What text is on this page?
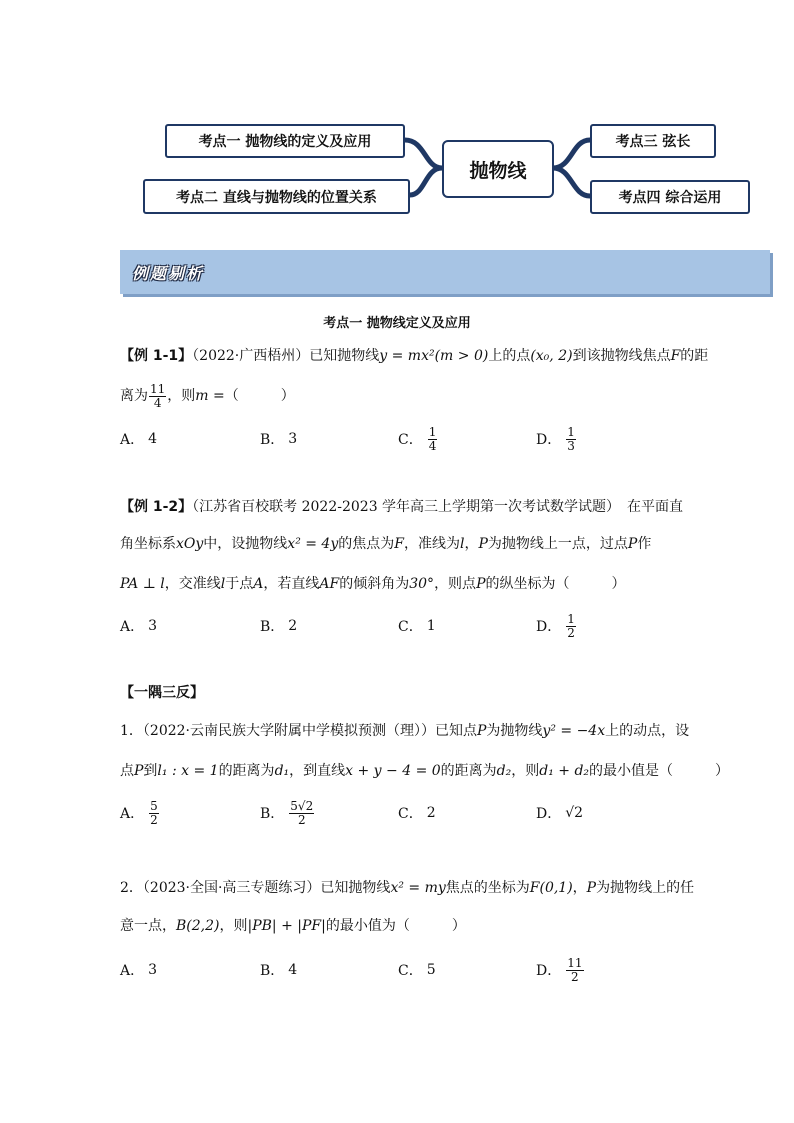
抛物线
考点一 抛物线的定义及应用
考点二 直线与抛物线的位置关系
考点三 弦长
考点四 综合运用
例题剔析
考点一 抛物线定义及应用
【例 1-1】（2022·广西梧州）已知抛物线y = mx²(m > 0)上的点(x₀, 2)到该抛物线焦点F的距
离为 $\frac{11}{4}$ ，则m =（　　　）
A． 4	B． 3	C． $\frac{1}{4}$	D． $\frac{1}{3}$
【例 1-2】（江苏省百校联考 2022-2023 学年高三上学期第一次考试数学试题）　在平面直
角坐标系xOy中，设抛物线x² = 4y的焦点为F，准线为l，P为抛物线上一点，过点P作
PA ⊥ l，交准线l于点A，若直线AF的倾斜角为30°，则点P的纵坐标为（　　　）
A． 3	B． 2	C． 1	D． $\frac{1}{2}$
【一隅三反】
1．（2022·云南民族大学附属中学模拟预测（理））已知点P为抛物线y² = −4x上的动点，设
点P到l₁ : x = 1的距离为d₁，到直线x + y − 4 = 0的距离为d₂，则d₁ + d₂的最小值是（　　　）
A． $\frac{5}{2}$	B． $\frac{5√2}{2}$	C． 2	D． √2
2．（2023·全国·高三专题练习）已知抛物线x² = my焦点的坐标为F(0,1)，P为抛物线上的任
意一点，B(2,2)，则|PB| + |PF|的最小值为（　　　）
A． 3	B． 4	C． 5	D． $\frac{11}{2}$
